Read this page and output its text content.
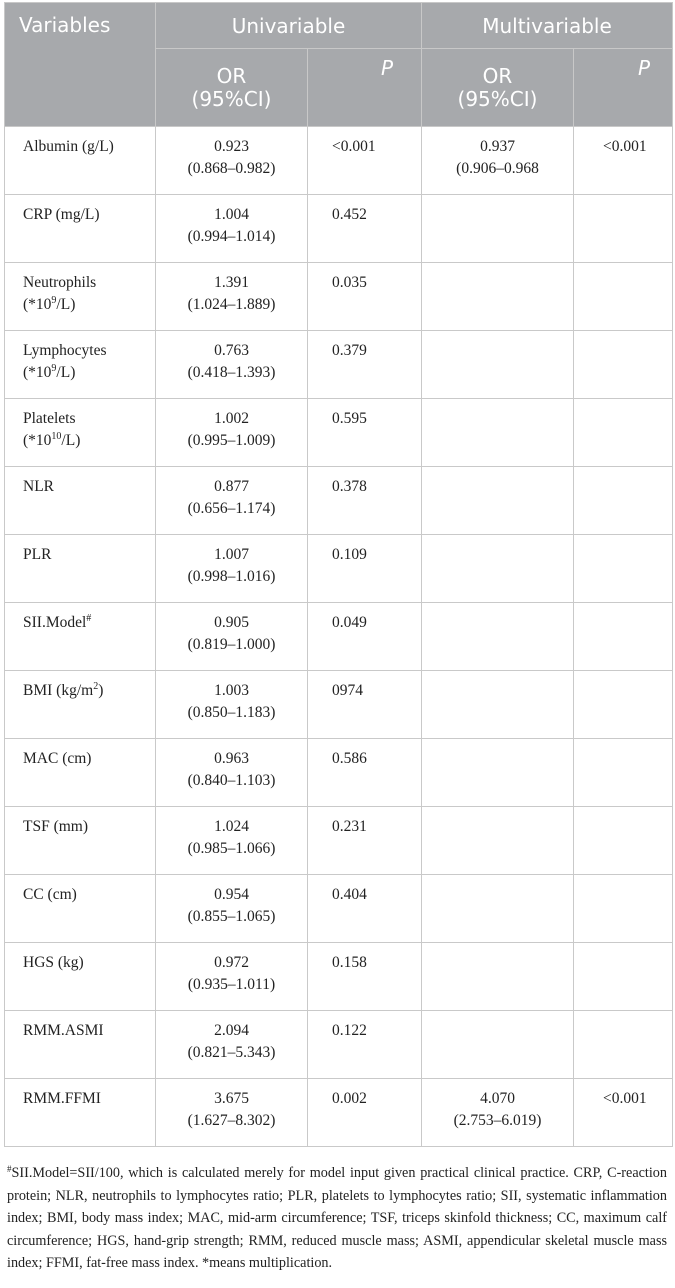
Variables	Univariable		Multivariable	
	OR
(95%CI)	P	OR
(95%CI)	P

Albumin (g/L)	0.923
(0.868–0.982)	<0.001	0.937
(0.906–0.968	<0.001

CRP (mg/L)	1.004
(0.994–1.014)	0.452		

Neutrophils
$(*10^9/L)$	1.391
(1.024–1.889)	0.035		

Lymphocytes
$(*10^9/L)$	0.763
(0.418–1.393)	0.379		

Platelets
$(*10^{10}/L)$	1.002
(0.995–1.009)	0.595		

NLR	0.877
(0.656–1.174)	0.378		

PLR	1.007
(0.998–1.016)	0.109		

SII.Model#	0.905
(0.819–1.000)	0.049		

BMI $(kg/m^2)$	1.003
(0.850–1.183)	0974		

MAC (cm)	0.963
(0.840–1.103)	0.586		

TSF (mm)	1.024
(0.985–1.066)	0.231		

CC (cm)	0.954
(0.855–1.065)	0.404		

HGS (kg)	0.972
(0.935–1.011)	0.158		

RMM.ASMI	2.094
(0.821–5.343)	0.122		

RMM.FFMI	3.675
(1.627–8.302)	0.002	4.070
(2.753–6.019)	<0.001
#SII.Model=SII/100, which is calculated merely for model input given practical clinical practice. CRP, C-reaction protein; NLR, neutrophils to lymphocytes ratio; PLR, platelets to lymphocytes ratio; SII, systematic inflammation index; BMI, body mass index; MAC, mid-arm circumference; TSF, triceps skinfold thickness; CC, maximum calf circumference; HGS, hand-grip strength; RMM, reduced muscle mass; ASMI, appendicular skeletal muscle mass index; FFMI, fat-free mass index. *means multiplication.
